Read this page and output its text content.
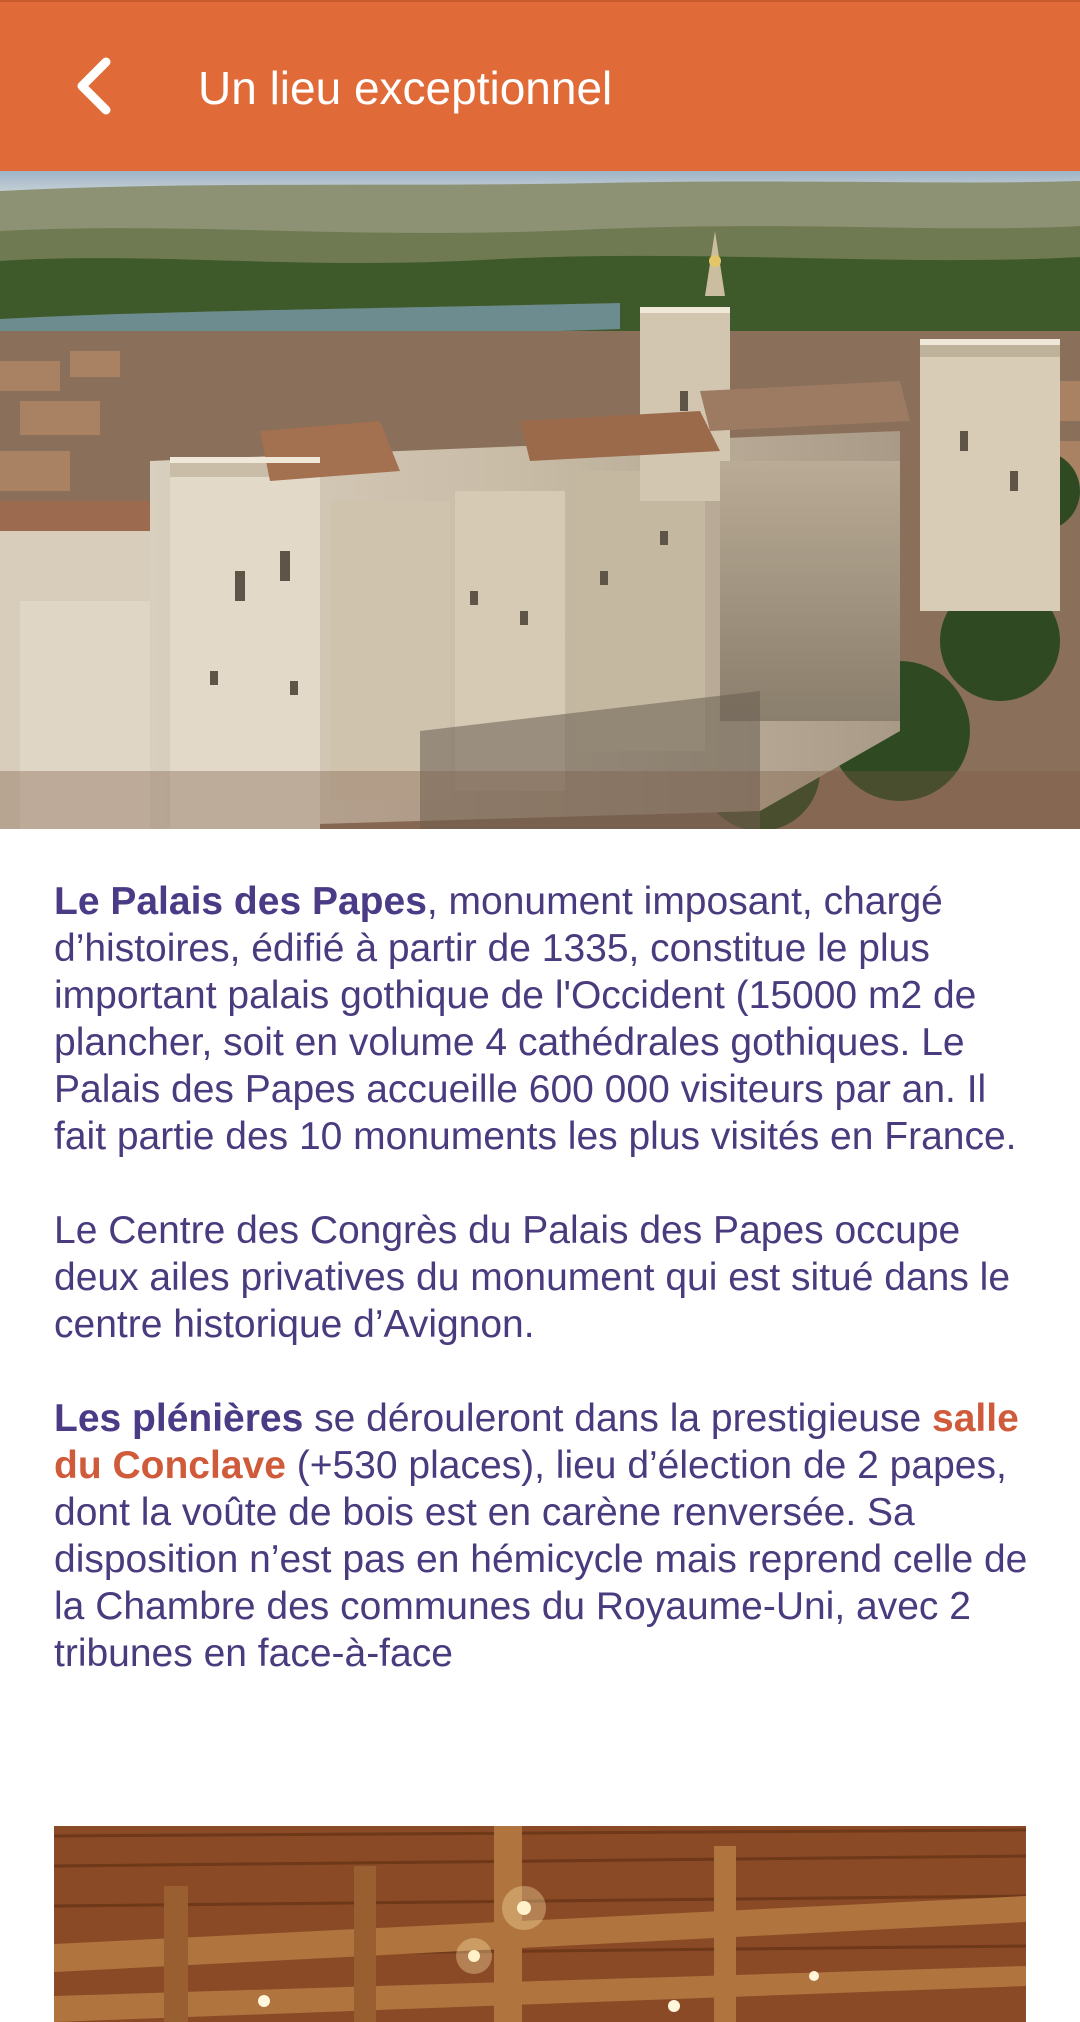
Un lieu exceptionnel

Le Palais des Papes, monument imposant, chargé d’histoires, édifié à partir de 1335, constitue le plus important palais gothique de l'Occident (15000 m2 de plancher, soit en volume 4 cathédrales gothiques. Le Palais des Papes accueille 600 000 visiteurs par an. Il fait partie des 10 monuments les plus visités en France.

Le Centre des Congrès du Palais des Papes occupe deux ailes privatives du monument qui est situé dans le centre historique d’Avignon.

Les plénières se dérouleront dans la prestigieuse salle du Conclave (+530 places), lieu d’élection de 2 papes, dont la voûte de bois est en carène renversée. Sa disposition n’est pas en hémicycle mais reprend celle de la Chambre des communes du Royaume-Uni, avec 2 tribunes en face-à-face
